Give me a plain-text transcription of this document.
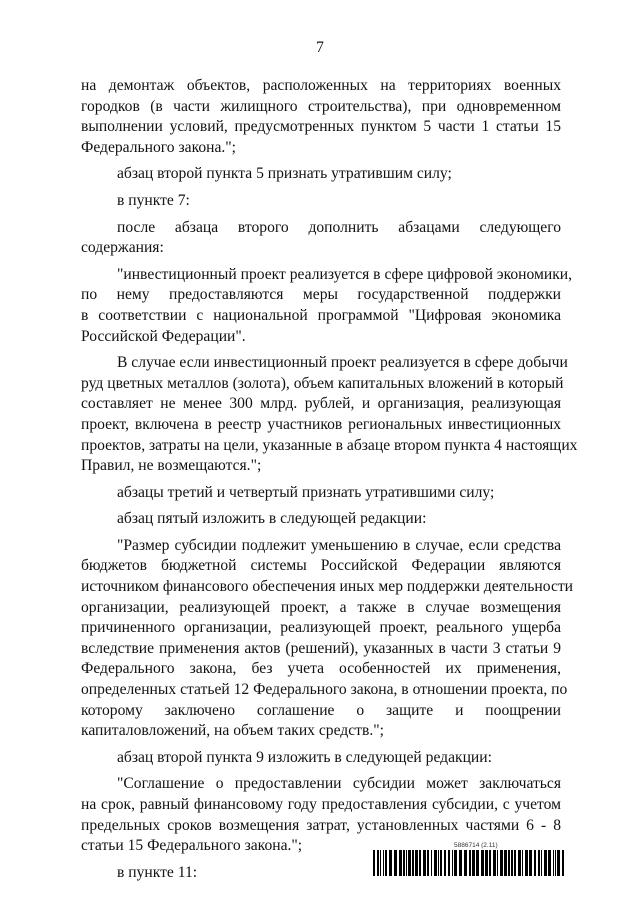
7
на демонтаж объектов, расположенных на территориях военных
городков (в части жилищного строительства), при одновременном
выполнении условий, предусмотренных пунктом 5 части 1 статьи 15
Федерального закона.";
абзац второй пункта 5 признать утратившим силу;
в пункте 7:
после абзаца второго дополнить абзацами следующего
содержания:
"инвестиционный проект реализуется в сфере цифровой экономики,
по нему предоставляются меры государственной поддержки
в соответствии с национальной программой "Цифровая экономика
Российской Федерации".
В случае если инвестиционный проект реализуется в сфере добычи
руд цветных металлов (золота), объем капитальных вложений в который
составляет не менее 300 млрд. рублей, и организация, реализующая
проект, включена в реестр участников региональных инвестиционных
проектов, затраты на цели, указанные в абзаце втором пункта 4 настоящих
Правил, не возмещаются.";
абзацы третий и четвертый признать утратившими силу;
абзац пятый изложить в следующей редакции:
"Размер субсидии подлежит уменьшению в случае, если средства
бюджетов бюджетной системы Российской Федерации являются
источником финансового обеспечения иных мер поддержки деятельности
организации, реализующей проект, а также в случае возмещения
причиненного организации, реализующей проект, реального ущерба
вследствие применения актов (решений), указанных в части 3 статьи 9
Федерального закона, без учета особенностей их применения,
определенных статьей 12 Федерального закона, в отношении проекта, по
которому заключено соглашение о защите и поощрении
капиталовложений, на объем таких средств.";
абзац второй пункта 9 изложить в следующей редакции:
"Соглашение о предоставлении субсидии может заключаться
на срок, равный финансовому году предоставления субсидии, с учетом
предельных сроков возмещения затрат, установленных частями 6 - 8
статьи 15 Федерального закона.";
в пункте 11:
5886714 (2.11)
